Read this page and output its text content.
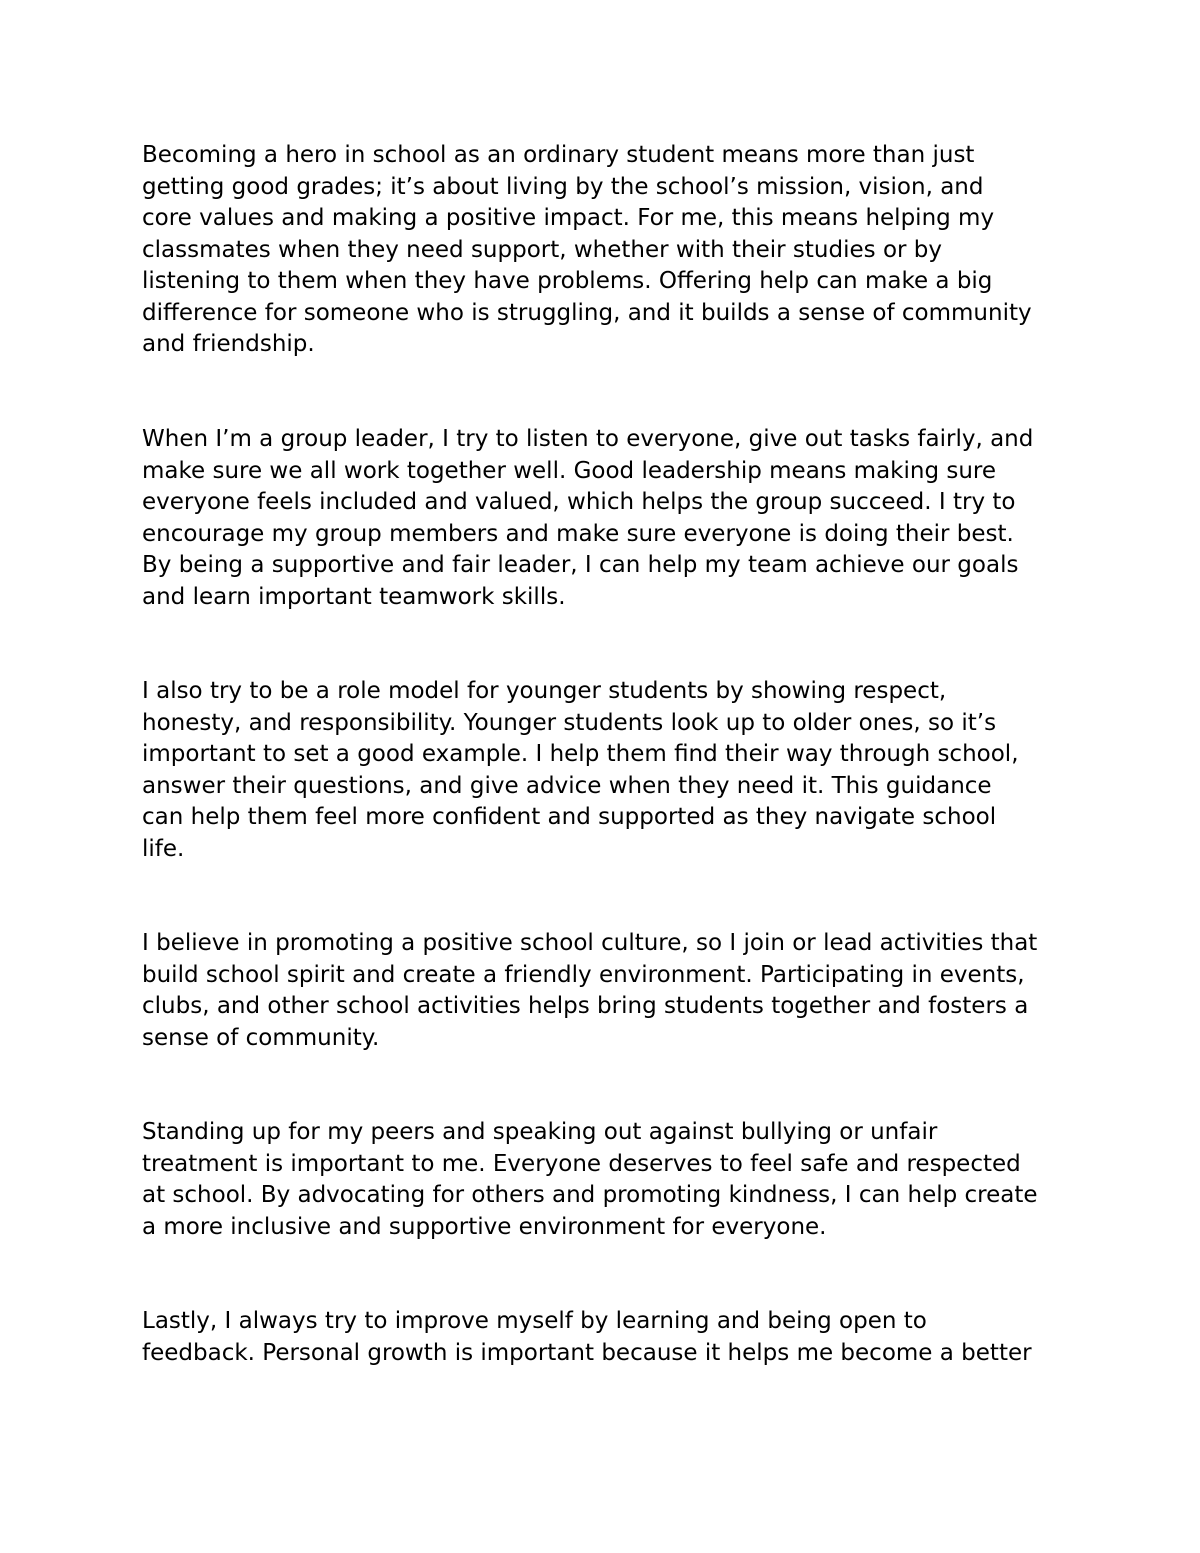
Becoming a hero in school as an ordinary student means more than just
getting good grades; it’s about living by the school’s mission, vision, and
core values and making a positive impact. For me, this means helping my
classmates when they need support, whether with their studies or by
listening to them when they have problems. Offering help can make a big
difference for someone who is struggling, and it builds a sense of community
and friendship.

When I’m a group leader, I try to listen to everyone, give out tasks fairly, and
make sure we all work together well. Good leadership means making sure
everyone feels included and valued, which helps the group succeed. I try to
encourage my group members and make sure everyone is doing their best.
By being a supportive and fair leader, I can help my team achieve our goals
and learn important teamwork skills.

I also try to be a role model for younger students by showing respect,
honesty, and responsibility. Younger students look up to older ones, so it’s
important to set a good example. I help them find their way through school,
answer their questions, and give advice when they need it. This guidance
can help them feel more confident and supported as they navigate school
life.

I believe in promoting a positive school culture, so I join or lead activities that
build school spirit and create a friendly environment. Participating in events,
clubs, and other school activities helps bring students together and fosters a
sense of community.

Standing up for my peers and speaking out against bullying or unfair
treatment is important to me. Everyone deserves to feel safe and respected
at school. By advocating for others and promoting kindness, I can help create
a more inclusive and supportive environment for everyone.

Lastly, I always try to improve myself by learning and being open to
feedback. Personal growth is important because it helps me become a better
